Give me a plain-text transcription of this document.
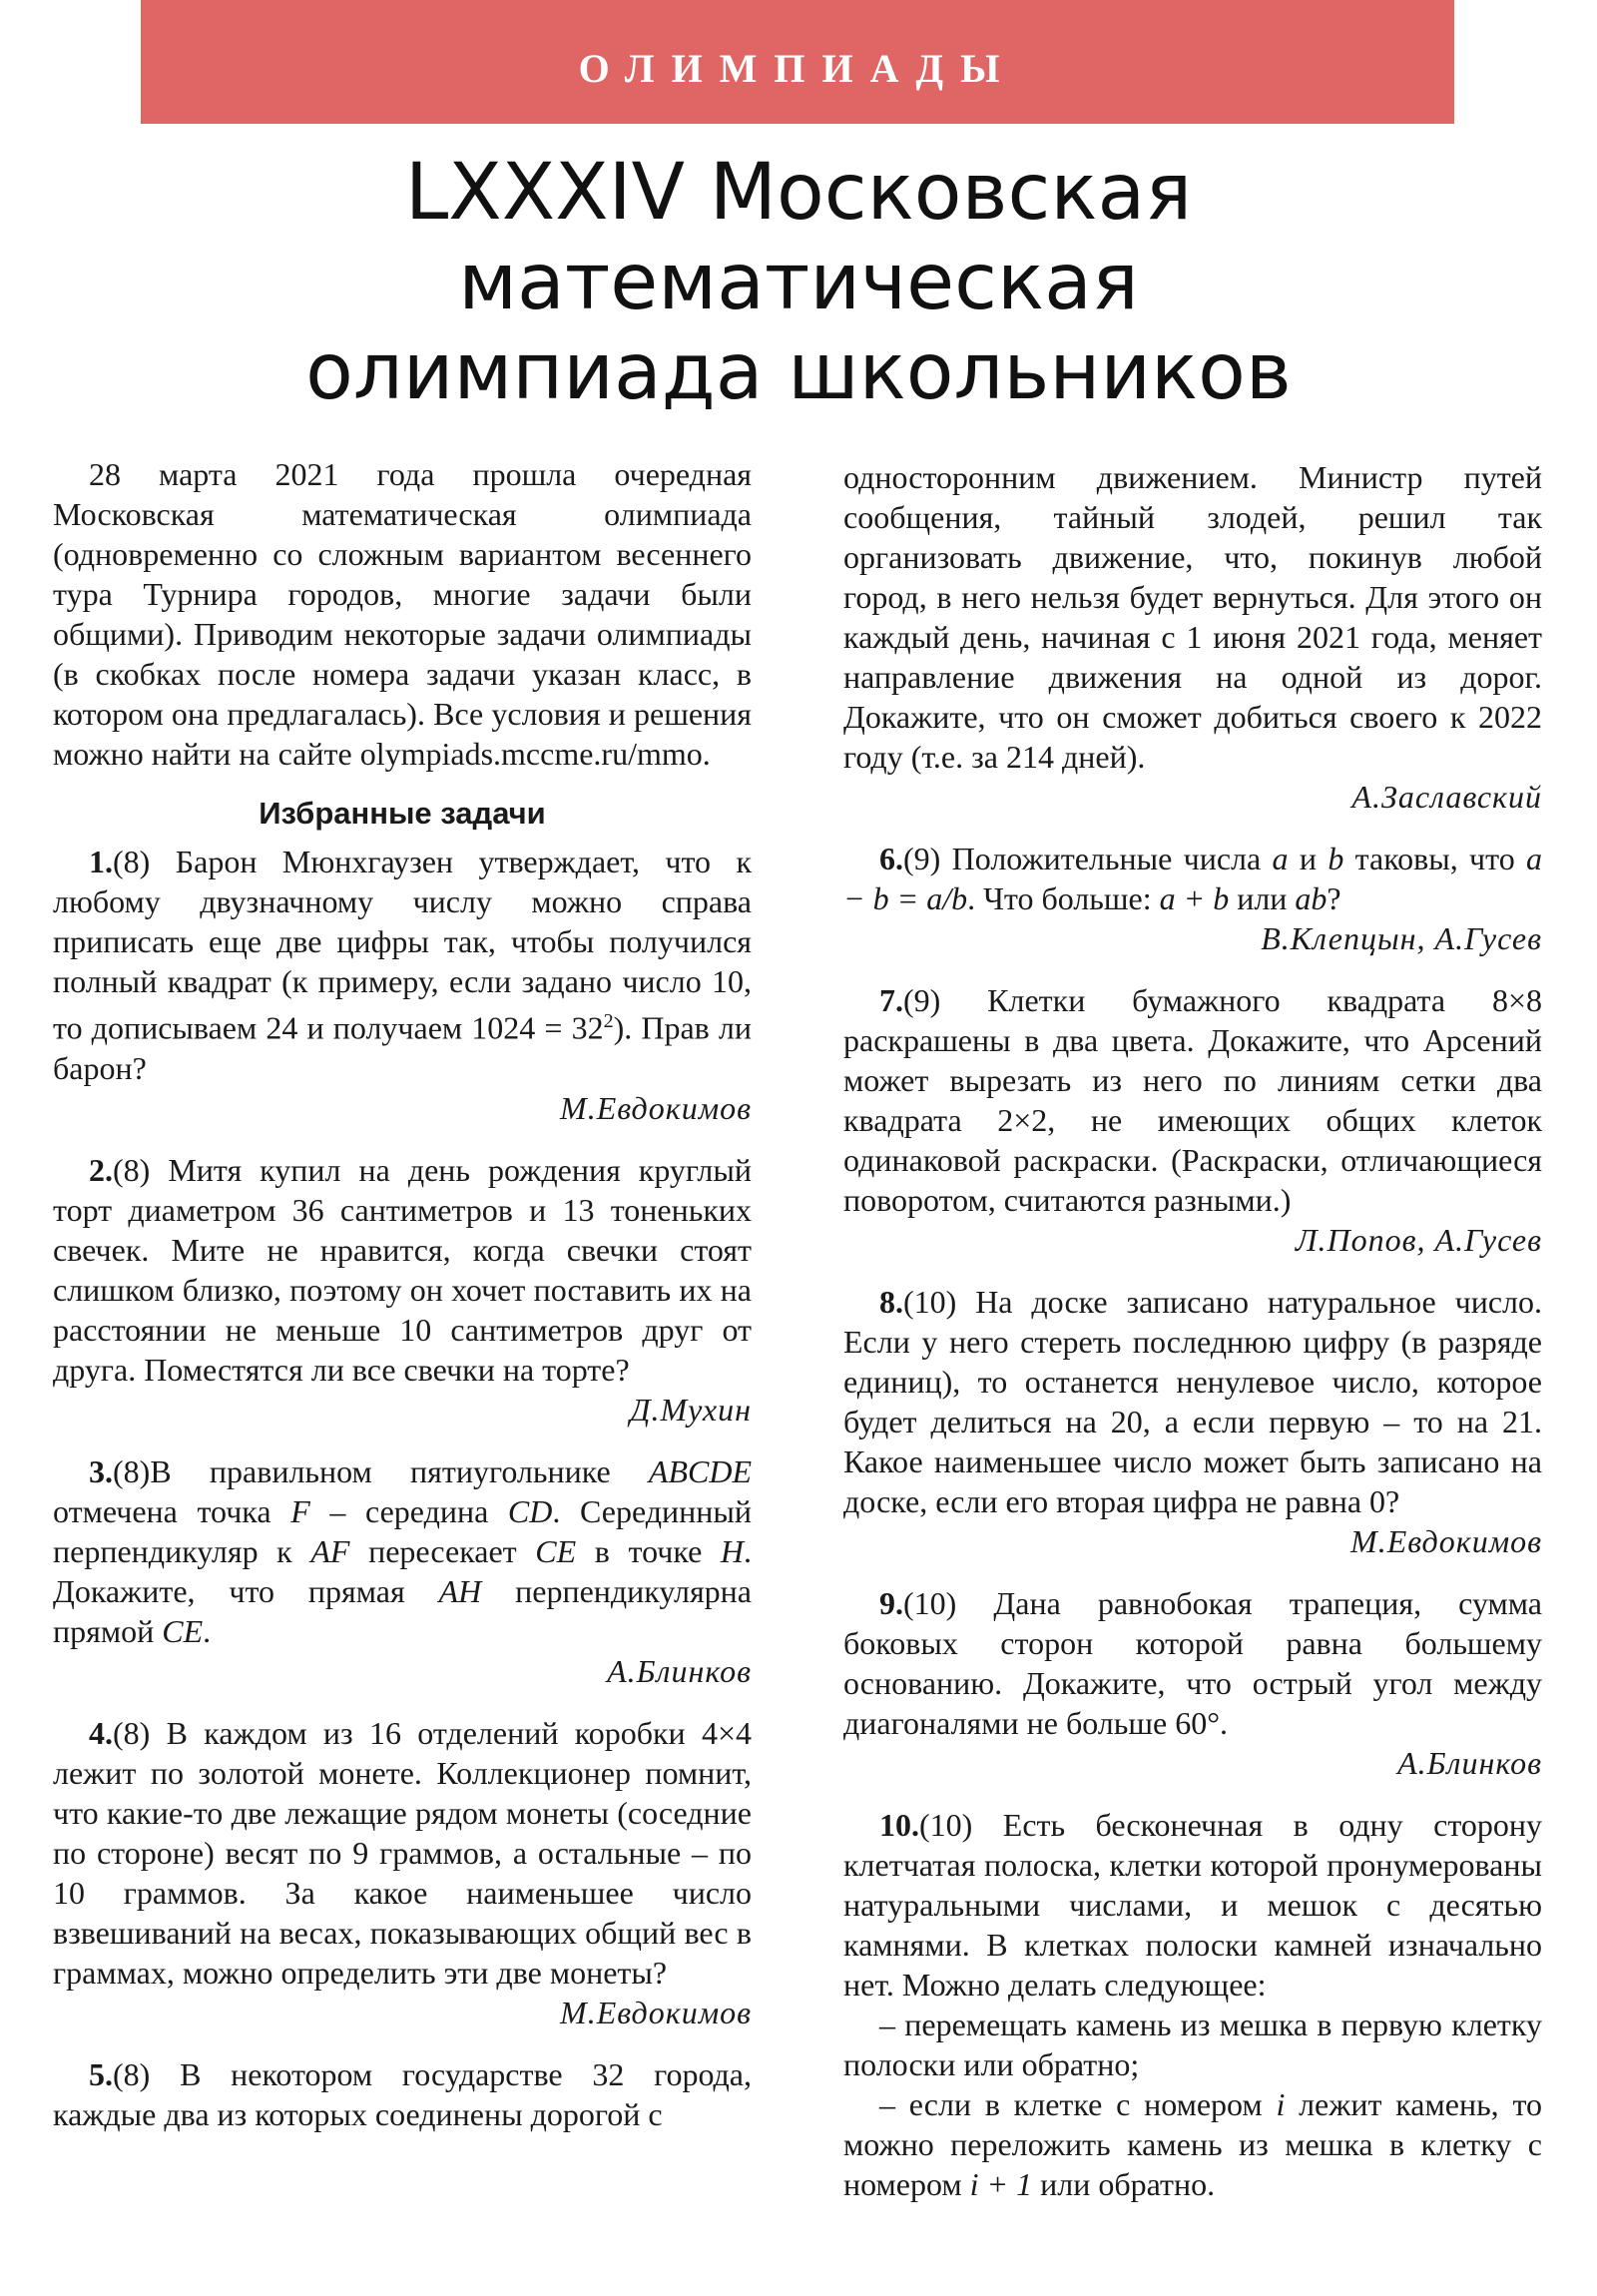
ОЛИМПИАДЫ
LXXXIV Московская
математическая
олимпиада школьников

28 марта 2021 года прошла очередная Московская математическая олимпиада (одновременно со сложным вариантом весеннего тура Турнира городов, многие задачи были общими). Приводим некоторые задачи олимпиады (в скобках после номера задачи указан класс, в котором она предлагалась). Все условия и решения можно найти на сайте olympiads.mccme.ru/mmo.

Избранные задачи

1.(8) Барон Мюнхгаузен утверждает, что к любому двузначному числу можно справа приписать еще две цифры так, чтобы получился полный квадрат (к примеру, если задано число 10, то дописываем 24 и получаем $1024 = 32^2$). Прав ли барон?

М.Евдокимов

2.(8) Митя купил на день рождения круглый торт диаметром 36 сантиметров и 13 тоненьких свечек. Мите не нравится, когда свечки стоят слишком близко, поэтому он хочет поставить их на расстоянии не меньше 10 сантиметров друг от друга. Поместятся ли все свечки на торте?

Д.Мухин

3.(8)В правильном пятиугольнике ABCDE отмечена точка F – середина CD. Серединный перпендикуляр к AF пересекает CE в точке H. Докажите, что прямая AH перпендикулярна прямой CE.

А.Блинков

4.(8) В каждом из 16 отделений коробки 4×4 лежит по золотой монете. Коллекционер помнит, что какие-то две лежащие рядом монеты (соседние по стороне) весят по 9 граммов, а остальные – по 10 граммов. За какое наименьшее число взвешиваний на весах, показывающих общий вес в граммах, можно определить эти две монеты?

М.Евдокимов

5.(8) В некотором государстве 32 города, каждые два из которых соединены дорогой с

односторонним движением. Министр путей сообщения, тайный злодей, решил так организовать движение, что, покинув любой город, в него нельзя будет вернуться. Для этого он каждый день, начиная с 1 июня 2021 года, меняет направление движения на одной из дорог. Докажите, что он сможет добиться своего к 2022 году (т.е. за 214 дней).

А.Заславский

6.(9) Положительные числа a и b таковы, что a − b = a/b. Что больше: a + b или ab?

В.Клепцын, А.Гусев

7.(9) Клетки бумажного квадрата 8×8 раскрашены в два цвета. Докажите, что Арсений может вырезать из него по линиям сетки два квадрата 2×2, не имеющих общих клеток одинаковой раскраски. (Раскраски, отличающиеся поворотом, считаются разными.)

Л.Попов, А.Гусев

8.(10) На доске записано натуральное число. Если у него стереть последнюю цифру (в разряде единиц), то останется ненулевое число, которое будет делиться на 20, а если первую – то на 21. Какое наименьшее число может быть записано на доске, если его вторая цифра не равна 0?

М.Евдокимов

9.(10) Дана равнобокая трапеция, сумма боковых сторон которой равна большему основанию. Докажите, что острый угол между диагоналями не больше 60°.

А.Блинков

10.(10) Есть бесконечная в одну сторону клетчатая полоска, клетки которой пронумерованы натуральными числами, и мешок с десятью камнями. В клетках полоски камней изначально нет. Можно делать следующее:

– перемещать камень из мешка в первую клетку полоски или обратно;

– если в клетке с номером i лежит камень, то можно переложить камень из мешка в клетку с номером i + 1 или обратно.
